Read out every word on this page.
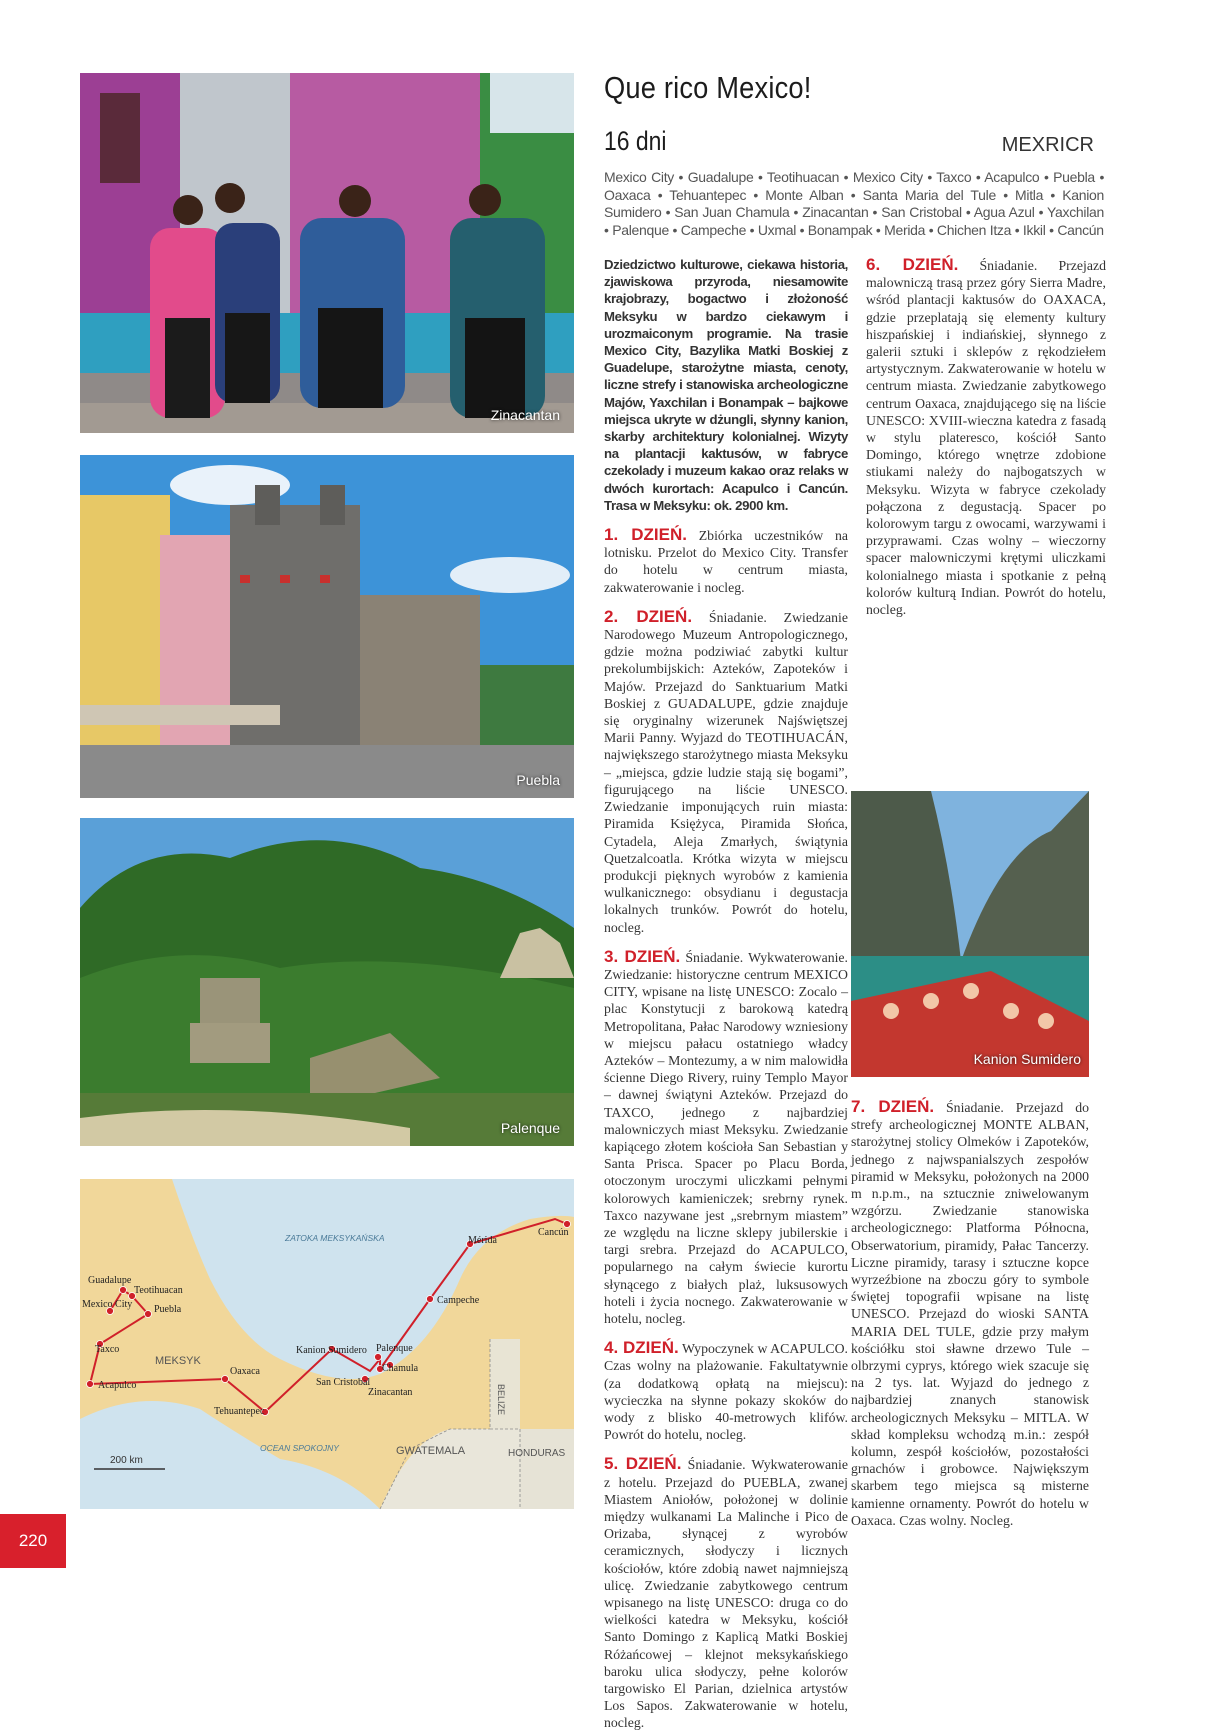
Zinacantan
Puebla
Palenque
Guadalupe
Teotihuacan
Mexico City Puebla
Taxco
Acapulco
Oaxaca
Tehuantepec
Kanion Sumidero
San Cristobal
Palenque
Chamula
Zinacantan
Campeche
Mérida
Cancún
ZATOKA MEKSYKAŃSKA
OCEAN SPOKOJNY
MEKSYK
GWATEMALA	HONDURAS
BELIZE
200 km
Que rico Mexico!
16 dni	MEXRICR
Mexico City • Guadalupe • Teotihuacan • Mexico City • Taxco • Acapulco • Puebla • Oaxaca • Tehuantepec • Monte Alban • Santa Maria del Tule • Mitla • Kanion Sumidero • San Juan Chamula • Zinacantan • San Cristobal • Agua Azul • Yaxchilan • Palenque • Campeche • Uxmal • Bonampak • Merida • Chichen Itza • Ikkil • Cancún

Dziedzictwo kulturowe, ciekawa historia, zjawiskowa przyroda, niesamowite krajobrazy, bogactwo i złożoność Meksyku w bardzo ciekawym i urozmaiconym programie. Na trasie Mexico City, Bazylika Matki Boskiej z Guadelupe, starożytne miasta, cenoty, liczne strefy i stanowiska archeologiczne Majów, Yaxchilan i Bonampak – bajkowe miejsca ukryte w dżungli, słynny kanion, skarby architektury kolonialnej. Wizyty na plantacji kaktusów, w fabryce czekolady i muzeum kakao oraz relaks w dwóch kurortach: Acapulco i Cancún. Trasa w Meksyku: ok. 2900 km.

1. DZIEŃ. Zbiórka uczestników na lotnisku. Przelot do Mexico City. Transfer do hotelu w centrum miasta, zakwaterowanie i nocleg.

2. DZIEŃ. Śniadanie. Zwiedzanie Narodowego Muzeum Antropologicznego, gdzie można podziwiać zabytki kultur prekolumbijskich: Azteków, Zapoteków i Majów. Przejazd do Sanktuarium Matki Boskiej z GUADALUPE, gdzie znajduje się oryginalny wizerunek Najświętszej Marii Panny. Wyjazd do TEOTIHUACÁN, największego starożytnego miasta Meksyku – „miejsca, gdzie ludzie stają się bogami”, figurującego na liście UNESCO. Zwiedzanie imponujących ruin miasta: Piramida Księżyca, Piramida Słońca, Cytadela, Aleja Zmarłych, świątynia Quetzalcoatla. Krótka wizyta w miejscu produkcji pięknych wyrobów z kamienia wulkanicznego: obsydianu i degustacja lokalnych trunków. Powrót do hotelu, nocleg.

3. DZIEŃ. Śniadanie. Wykwaterowanie. Zwiedzanie: historyczne centrum MEXICO CITY, wpisane na listę UNESCO: Zocalo – plac Konstytucji z barokową katedrą Metropolitana, Pałac Narodowy wzniesiony w miejscu pałacu ostatniego władcy Azteków – Montezumy, a w nim malowidła ścienne Diego Rivery, ruiny Templo Mayor – dawnej świątyni Azteków. Przejazd do TAXCO, jednego z najbardziej malowniczych miast Meksyku. Zwiedzanie kapiącego złotem kościoła San Sebastian y Santa Prisca. Spacer po Placu Borda, otoczonym uroczymi uliczkami pełnymi kolorowych kamieniczek; srebrny rynek. Taxco nazywane jest „srebrnym miastem” ze względu na liczne sklepy jubilerskie i targi srebra. Przejazd do ACAPULCO, popularnego na całym świecie kurortu słynącego z białych plaż, luksusowych hoteli i życia nocnego. Zakwaterowanie w hotelu, nocleg.

4. DZIEŃ. Wypoczynek w ACAPULCO. Czas wolny na plażowanie. Fakultatywnie (za dodatkową opłatą na miejscu): wycieczka na słynne pokazy skoków do wody z blisko 40-metrowych klifów. Powrót do hotelu, nocleg.

5. DZIEŃ. Śniadanie. Wykwaterowanie z hotelu. Przejazd do PUEBLA, zwanej Miastem Aniołów, położonej w dolinie między wulkanami La Malinche i Pico de Orizaba, słynącej z wyrobów ceramicznych, słodyczy i licznych kościołów, które zdobią nawet najmniejszą ulicę. Zwiedzanie zabytkowego centrum wpisanego na listę UNESCO: druga co do wielkości katedra w Meksyku, kościół Santo Domingo z Kaplicą Matki Boskiej Różańcowej – klejnot meksykańskiego baroku ulica słodyczy, pełne kolorów targowisko El Parian, dzielnica artystów Los Sapos. Zakwaterowanie w hotelu, nocleg.

6. DZIEŃ. Śniadanie. Przejazd malowniczą trasą przez góry Sierra Madre, wśród plantacji kaktusów do OAXACA, gdzie przeplatają się elementy kultury hiszpańskiej i indiańskiej, słynnego z galerii sztuki i sklepów z rękodziełem artystycznym. Zakwaterowanie w hotelu w centrum miasta. Zwiedzanie zabytkowego centrum Oaxaca, znajdującego się na liście UNESCO: XVIII-wieczna katedra z fasadą w stylu plateresco, kościół Santo Domingo, którego wnętrze zdobione stiukami należy do najbogatszych w Meksyku. Wizyta w fabryce czekolady połączona z degustacją. Spacer po kolorowym targu z owocami, warzywami i przyprawami. Czas wolny – wieczorny spacer malowniczymi krętymi uliczkami kolonialnego miasta i spotkanie z pełną kolorów kulturą Indian. Powrót do hotelu, nocleg.

Kanion Sumidero

7. DZIEŃ. Śniadanie. Przejazd do strefy archeologicznej MONTE ALBAN, starożytnej stolicy Olmeków i Zapoteków, jednego z najwspanialszych zespołów piramid w Meksyku, położonych na 2000 m n.p.m., na sztucznie zniwelowanym wzgórzu. Zwiedzanie stanowiska archeologicznego: Platforma Północna, Obserwatorium, piramidy, Pałac Tancerzy. Liczne piramidy, tarasy i sztuczne kopce wyrzeźbione na zboczu góry to symbole świętej topografii wpisane na listę UNESCO. Przejazd do wioski SANTA MARIA DEL TULE, gdzie przy małym kościółku stoi sławne drzewo Tule – olbrzymi cyprys, którego wiek szacuje się na 2 tys. lat. Wyjazd do jednego z najbardziej znanych stanowisk archeologicznych Meksyku – MITLA. W skład kompleksu wchodzą m.in.: zespół kolumn, zespół kościołów, pozostałości grnachów i grobowce. Największym skarbem tego miejsca są misterne kamienne ornamenty. Powrót do hotelu w Oaxaca. Czas wolny. Nocleg.

220
